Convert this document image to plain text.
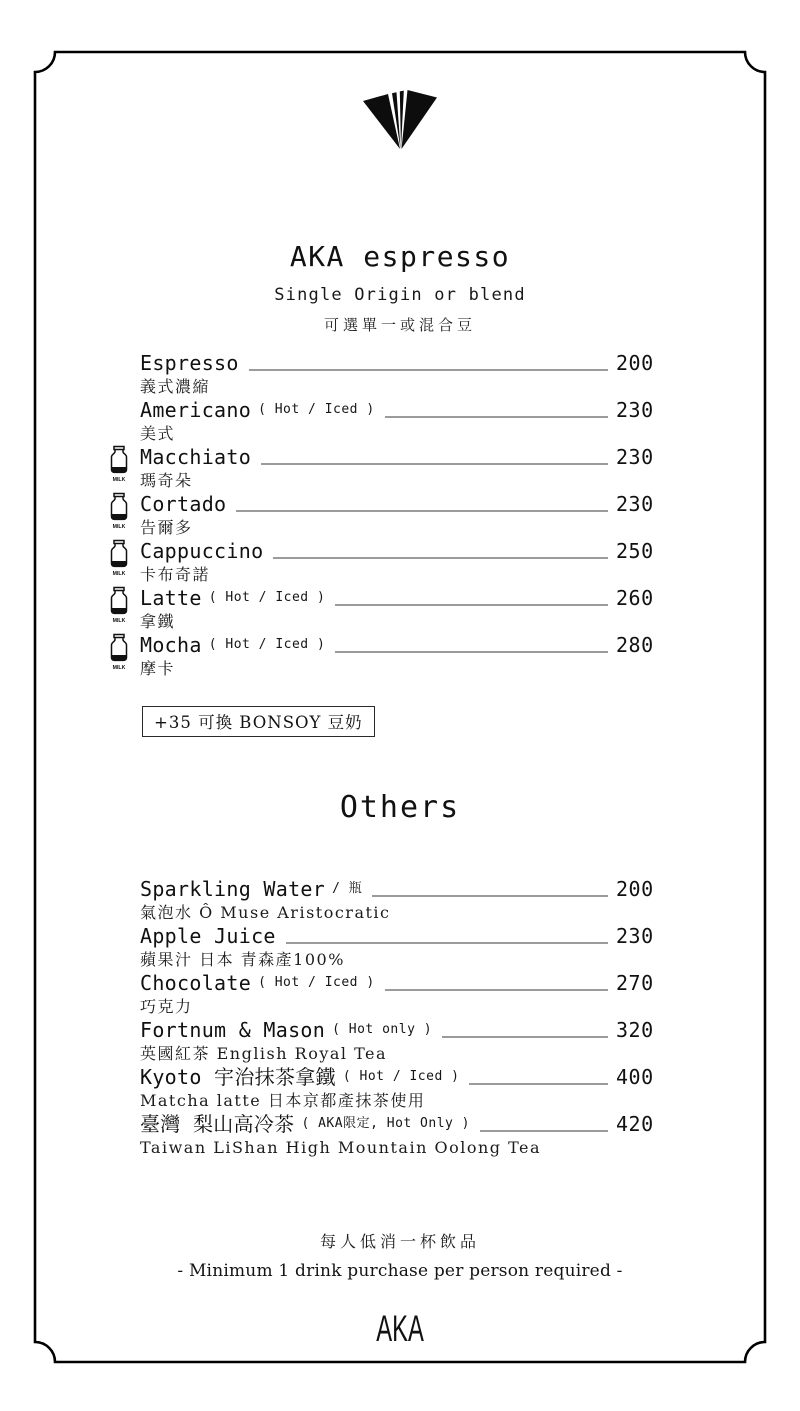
AKA espresso
Single Origin or blend
可選單一或混合豆
Espresso	200
義式濃縮
Americano ( Hot / Iced )	230
美式
MILK
Macchiato	230
瑪奇朵
MILK
Cortado	230
告爾多
MILK
Cappuccino	250
卡布奇諾
MILK
Latte ( Hot / Iced )	260
拿鐵
MILK
Mocha ( Hot / Iced )	280
摩卡
+35 可換 BONSOY 豆奶
Others
Sparkling Water / 瓶	200
氣泡水 Ô Muse Aristocratic
Apple Juice	230
蘋果汁 日本 青森產100%
Chocolate ( Hot / Iced )	270
巧克力
Fortnum & Mason ( Hot only )	320
英國紅茶 English Royal Tea
Kyoto 宇治抹茶拿鐵 ( Hot / Iced )	400
Matcha latte 日本京都產抹茶使用
臺灣 梨山高冷茶 ( AKA限定, Hot Only )	420
Taiwan LiShan High Mountain Oolong Tea
每人低消一杯飲品
- Minimum 1 drink purchase per person required -
AKA
